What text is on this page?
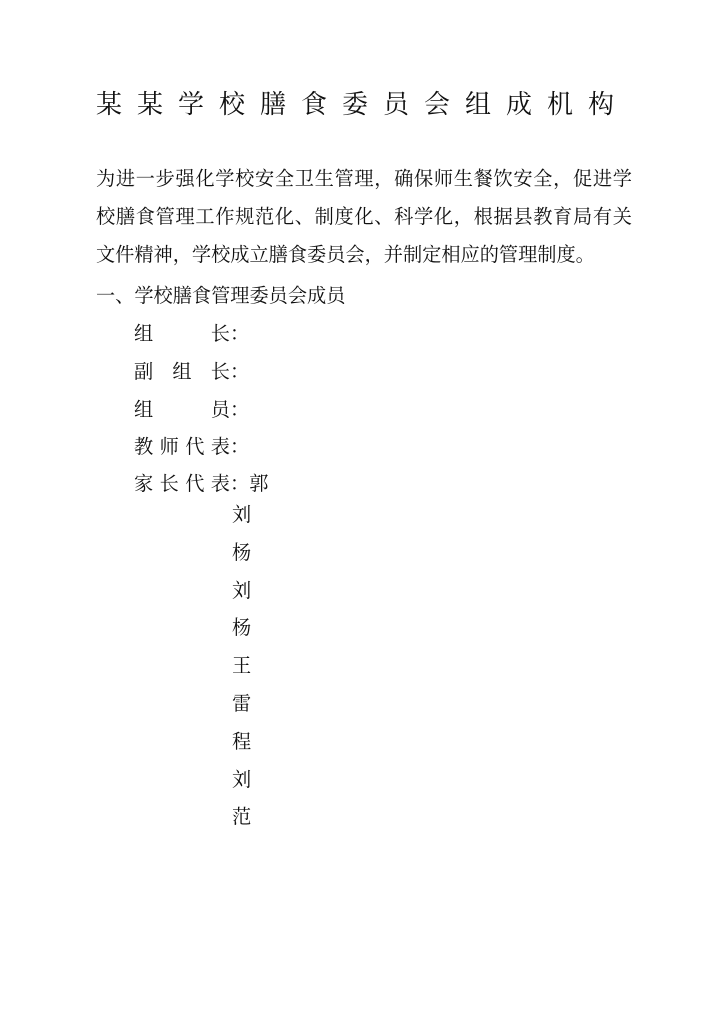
某某学校膳食委员会组成机构
为进一步强化学校安全卫生管理，确保师生餐饮安全，促进学校膳食管理工作规范化、制度化、科学化，根据县教育局有关文件精神，学校成立膳食委员会，并制定相应的管理制度。
一、学校膳食管理委员会成员
组长 ：
副组长 ：
组员 ：
教师代表 ：
家长代表 ： 郭
刘
杨
刘
杨
王
雷
程
刘
范
